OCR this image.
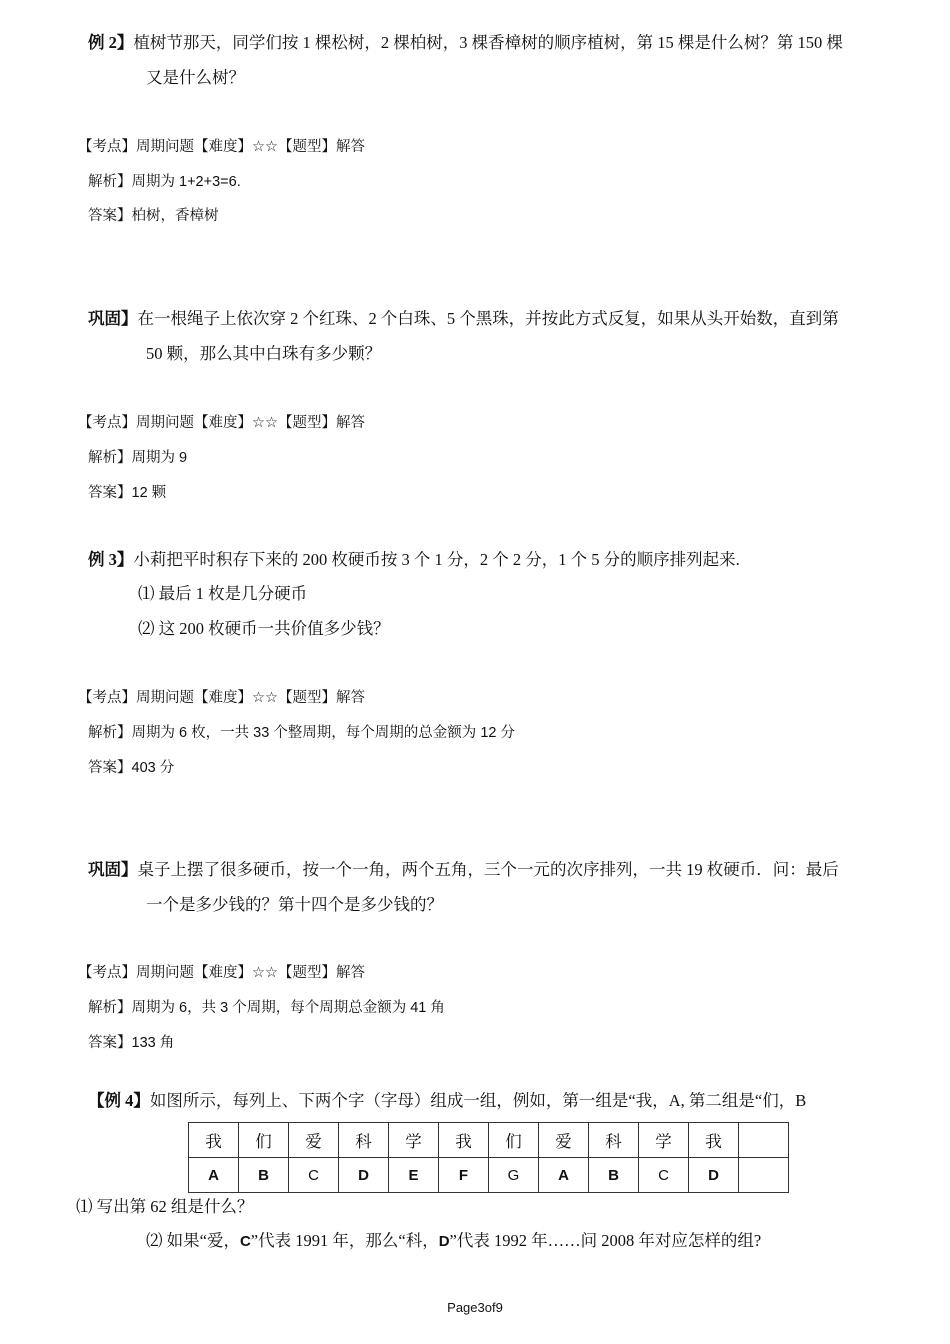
例 2】植树节那天，同学们按 1 棵松树，2 棵柏树，3 棵香樟树的顺序植树，第 15 棵是什么树？第 150 棵
又是什么树？
【考点】周期问题【难度】☆☆【题型】解答
解析】周期为 1+2+3=6.
答案】柏树，香樟树
巩固】在一根绳子上依次穿 2 个红珠、2 个白珠、5 个黑珠，并按此方式反复，如果从头开始数，直到第
50 颗，那么其中白珠有多少颗？
【考点】周期问题【难度】☆☆【题型】解答
解析】周期为 9
答案】12 颗
例 3】小莉把平时积存下来的 200 枚硬币按 3 个 1 分，2 个 2 分，1 个 5 分的顺序排列起来.
⑴ 最后 1 枚是几分硬币
⑵ 这 200 枚硬币一共价值多少钱？
【考点】周期问题【难度】☆☆【题型】解答
解析】周期为 6 枚，一共 33 个整周期，每个周期的总金额为 12 分
答案】403 分
巩固】桌子上摆了很多硬币，按一个一角，两个五角，三个一元的次序排列，一共 19 枚硬币．问：最后
一个是多少钱的？第十四个是多少钱的？
【考点】周期问题【难度】☆☆【题型】解答
解析】周期为 6，共 3 个周期，每个周期总金额为 41 角
答案】133 角
【例 4】如图所示，每列上、下两个字（字母）组成一组，例如，第一组是“我，A, 第二组是“们，B
我	们	爱	科	学	我	们	爱	科	学	我	
A	B	C	D	E	F	G	A	B	C	D	
⑴ 写出第 62 组是什么？
⑵ 如果“爱，C”代表 1991 年，那么“科，D”代表 1992 年……问 2008 年对应怎样的组?
Page3of9
